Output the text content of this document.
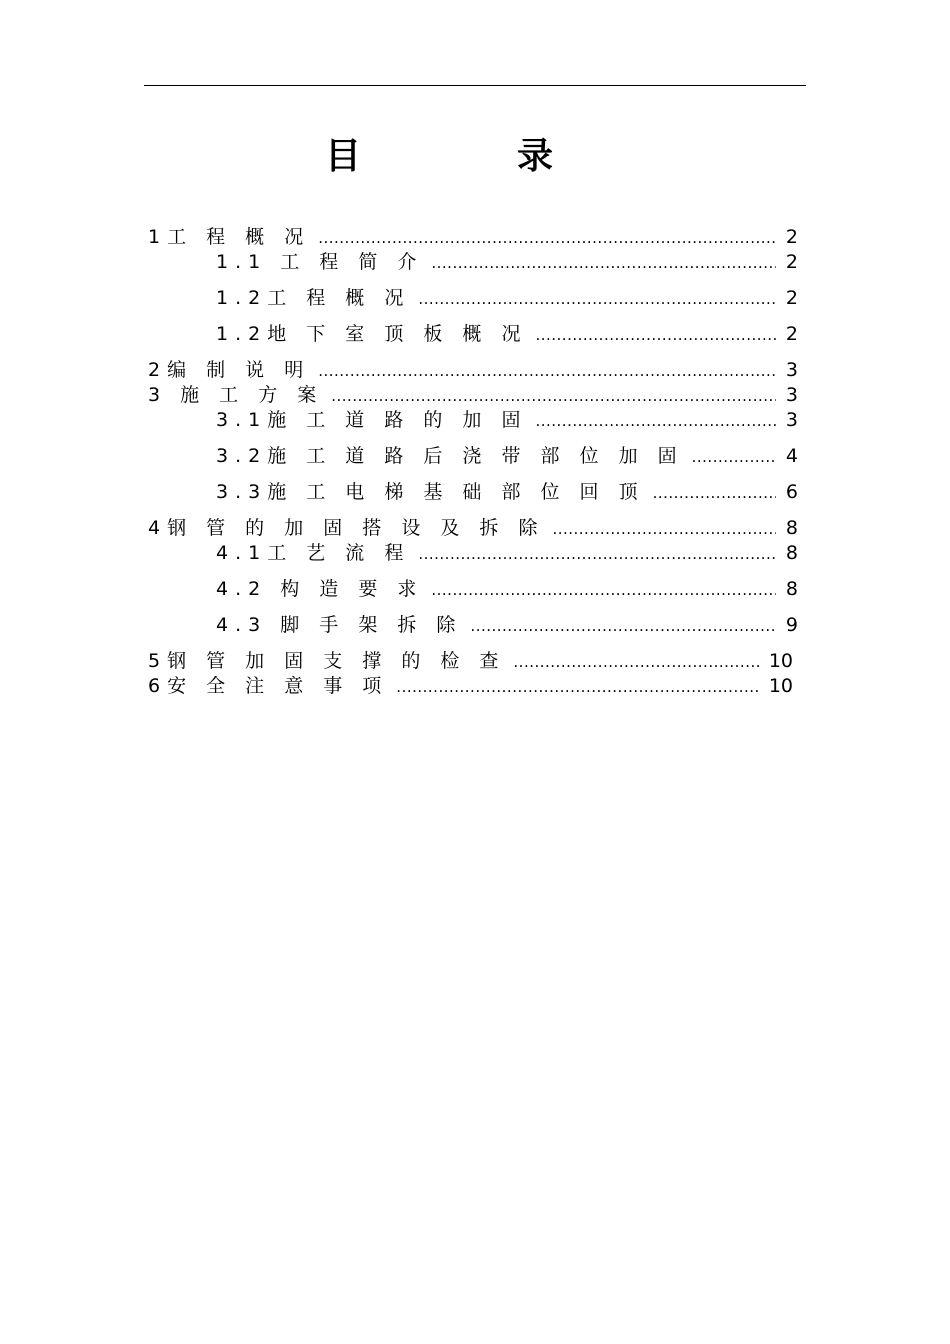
目　录
1工 程 概 况 .....	2
1.1 工 程 简 介 .....	2
1.2工 程 概 况 .....	2
1.2地 下 室 顶 板 概 况 .....	2
2编 制 说 明 .....	3
3 施 工 方 案 .....	3
3.1施 工 道 路 的 加 固 .....	3
3.2施 工 道 路 后 浇 带 部 位 加 固 .....	4
3.3施 工 电 梯 基 础 部 位 回 顶 .....	6
4钢 管 的 加 固 搭 设 及 拆 除 .....	8
4.1工 艺 流 程 .....	8
4.2 构 造 要 求 .....	8
4.3 脚 手 架 拆 除 .....	9
5钢 管 加 固 支 撑 的 检 查 .....	10
6安 全 注 意 事 项 .....	10
